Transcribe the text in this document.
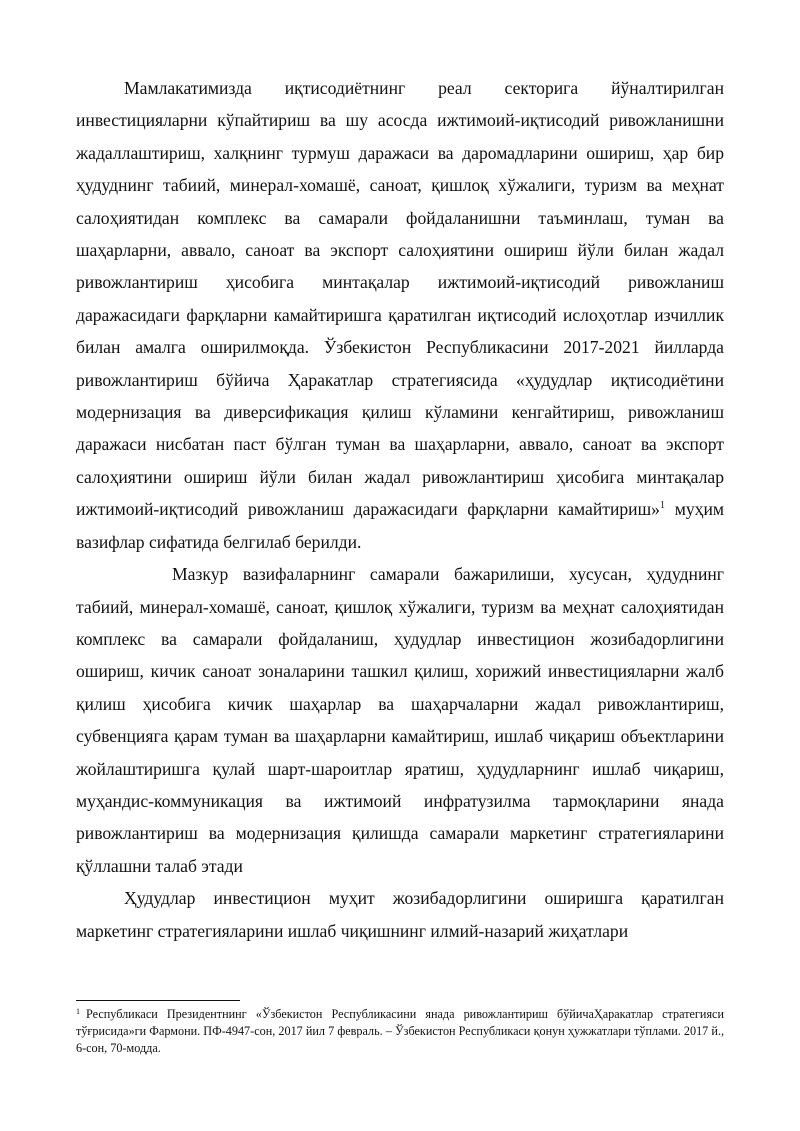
Мамлакатимизда иқтисодиётнинг реал секторига йўналтирилган инвестицияларни кўпайтириш ва шу асосда ижтимоий-иқтисодий ривожланишни жадаллаштириш, халқнинг турмуш даражаси ва даромадларини ошириш, ҳар бир ҳудуднинг табиий, минерал-хомашё, саноат, қишлоқ хўжалиги, туризм ва меҳнат салоҳиятидан комплекс ва самарали фойдаланишни таъминлаш, туман ва шаҳарларни, аввало, саноат ва экспорт салоҳиятини ошириш йўли билан жадал ривожлантириш ҳисобига минтақалар ижтимоий-иқтисодий ривожланиш даражасидаги фарқларни камайтиришга қаратилган иқтисодий ислоҳотлар изчиллик билан амалга оширилмоқда. Ўзбекистон Республикасини 2017-2021 йилларда ривожлантириш бўйича Ҳаракатлар стратегиясида «ҳудудлар иқтисодиётини модернизация ва диверсификация қилиш кўламини кенгайтириш, ривожланиш даражаси нисбатан паст бўлган туман ва шаҳарларни, аввало, саноат ва экспорт салоҳиятини ошириш йўли билан жадал ривожлантириш ҳисобига минтақалар ижтимоий-иқтисодий ривожланиш даражасидаги фарқларни камайтириш»$^1$ муҳим вазифлар сифатида белгилаб берилди.

Мазкур вазифаларнинг самарали бажарилиши, хусусан, ҳудуднинг табиий, минерал-хомашё, саноат, қишлоқ хўжалиги, туризм ва меҳнат салоҳиятидан комплекс ва самарали фойдаланиш, ҳудудлар инвестицион жозибадорлигини ошириш, кичик саноат зоналарини ташкил қилиш, хорижий инвестицияларни жалб қилиш ҳисобига кичик шаҳарлар ва шаҳарчаларни жадал ривожлантириш, субвенцияга қарам туман ва шаҳарларни камайтириш, ишлаб чиқариш объектларини жойлаштиришга қулай шарт-шароитлар яратиш, ҳудудларнинг ишлаб чиқариш, муҳандис-коммуникация ва ижтимоий инфратузилма тармоқларини янада ривожлантириш ва модернизация қилишда самарали маркетинг стратегияларини қўллашни талаб этади

Ҳудудлар инвестицион муҳит жозибадорлигини оширишга қаратилган маркетинг стратегияларини ишлаб чиқишнинг илмий-назарий жиҳатлари

$^1$ Республикаси Президентнинг «Ўзбекистон Республикасини янада ривожлантириш бўйичаҲаракатлар стратегияси тўғрисида»ги Фармони. ПФ-4947-сон, 2017 йил 7 февраль. – Ўзбекистон Республикаси қонун ҳужжатлари тўплами. 2017 й., 6-сон, 70-модда.
